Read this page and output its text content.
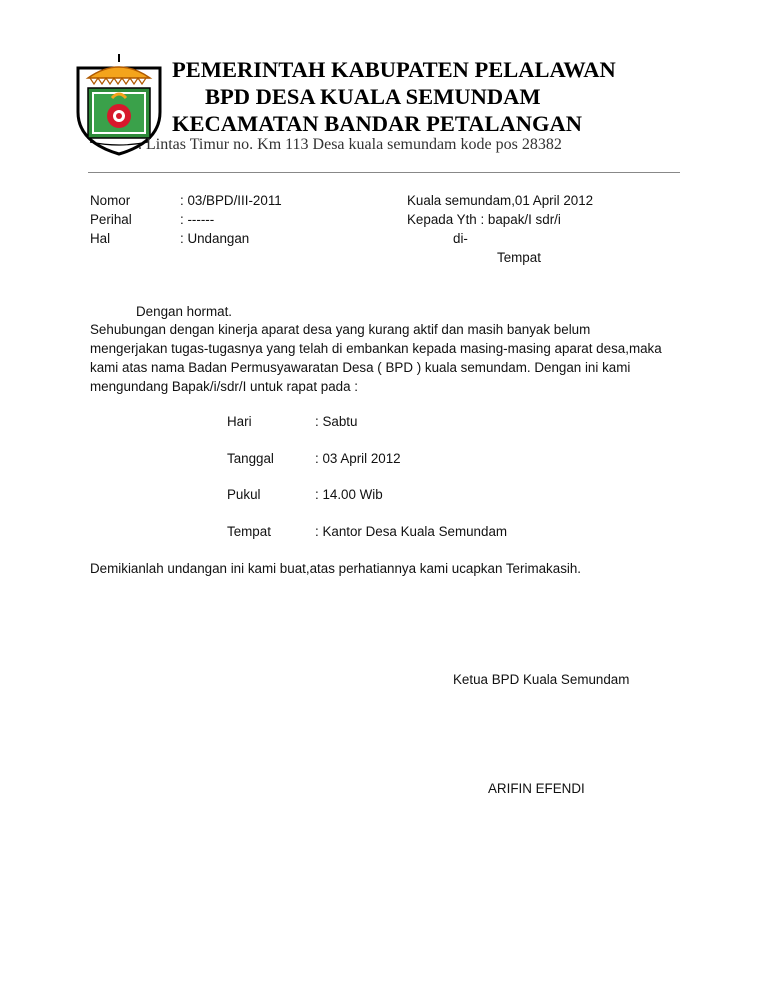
PEMERINTAH KABUPATEN PELALAWAN
BPD DESA KUALA SEMUNDAM
KECAMATAN BANDAR PETALANGAN
. Lintas Timur no. Km 113 Desa kuala semundam kode pos 28382
Nomor	: 03/BPD/III-2011
Perihal	: ------
Hal	: Undangan
Kuala semundam,01 April 2012
Kepada Yth : bapak/I sdr/i
di-
Tempat
Dengan hormat.
Sehubungan dengan kinerja aparat desa yang kurang aktif dan masih banyak belum
mengerjakan tugas-tugasnya yang telah di embankan kepada masing-masing aparat desa,maka
kami atas nama Badan Permusyawaratan Desa ( BPD ) kuala semundam. Dengan ini kami
mengundang Bapak/i/sdr/I untuk rapat pada :
Hari	: Sabtu
Tanggal	: 03 April 2012
Pukul	: 14.00 Wib
Tempat	: Kantor Desa Kuala Semundam
Demikianlah undangan ini kami buat,atas perhatiannya kami ucapkan Terimakasih.
Ketua BPD Kuala Semundam
ARIFIN EFENDI
